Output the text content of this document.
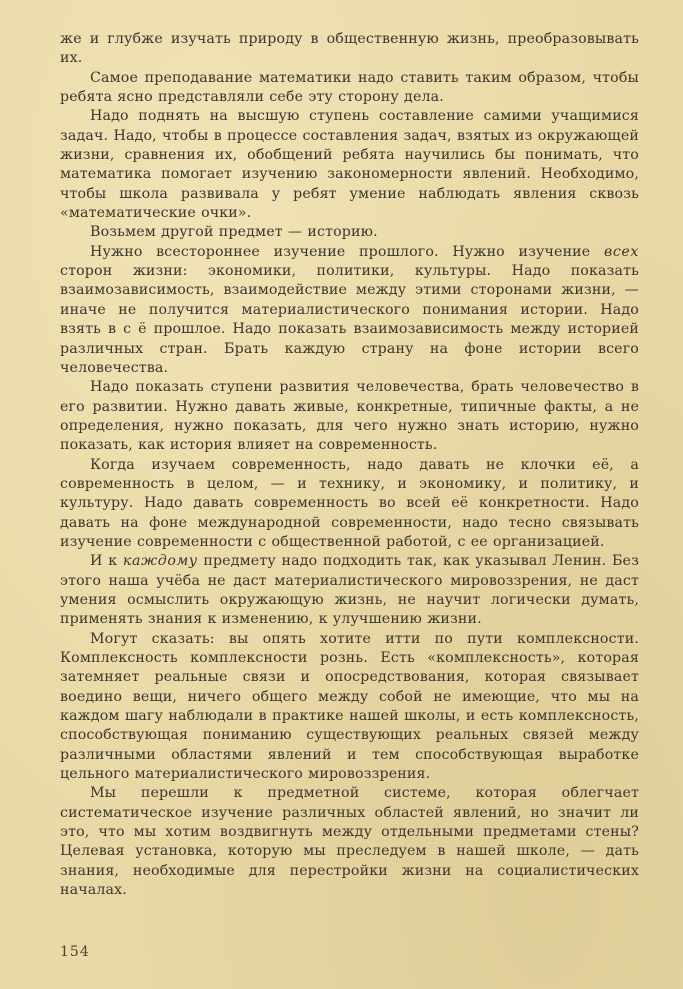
же и глубже изучать природу в общественную жизнь, преобразовывать их.

Самое преподавание математики надо ставить таким образом, чтобы ребята ясно представляли себе эту сторону дела.

Надо поднять на высшую ступень составление самими учащимися задач. Надо, чтобы в процессе составления задач, взятых из окружающей жизни, сравнения их, обобщений ребята научились бы понимать, что математика помогает изучению закономерности явлений. Необходимо, чтобы школа развивала у ребят умение наблюдать явления сквозь «математические очки».

Возьмем другой предмет — историю.

Нужно всестороннее изучение прошлого. Нужно изучение всех сторон жизни: экономики, политики, культуры. Надо показать взаимозависимость, взаимодействие между этими сторонами жизни, — иначе не получится материалистического понимания истории. Надо взять в с ё прошлое. Надо показать взаимозависимость между историей различных стран. Брать каждую страну на фоне истории всего человечества.

Надо показать ступени развития человечества, брать человечество в его развитии. Нужно давать живые, конкретные, типичные факты, а не определения, нужно показать, для чего нужно знать историю, нужно показать, как история влияет на современность.

Когда изучаем современность, надо давать не клочки её, а современность в целом, — и технику, и экономику, и политику, и культуру. Надо давать современность во всей её конкретности. Надо давать на фоне международной современности, надо тесно связывать изучение современности с общественной работой, с ее организацией.

И к каждому предмету надо подходить так, как указывал Ленин. Без этого наша учёба не даст материалистического мировоззрения, не даст умения осмыслить окружающую жизнь, не научит логически думать, применять знания к изменению, к улучшению жизни.

Могут сказать: вы опять хотите итти по пути комплексности. Комплексность комплексности рознь. Есть «комплексность», которая затемняет реальные связи и опосредствования, которая связывает воедино вещи, ничего общего между собой не имеющие, что мы на каждом шагу наблюдали в практике нашей школы, и есть комплексность, способствующая пониманию существующих реальных связей между различными областями явлений и тем способствующая выработке цельного материалистического мировоззрения.

Мы перешли к предметной системе, которая облегчает систематическое изучение различных областей явлений, но значит ли это, что мы хотим воздвигнуть между отдельными предметами стены? Целевая установка, которую мы преследуем в нашей школе, — дать знания, необходимые для перестройки жизни на социалистических началах.

154
